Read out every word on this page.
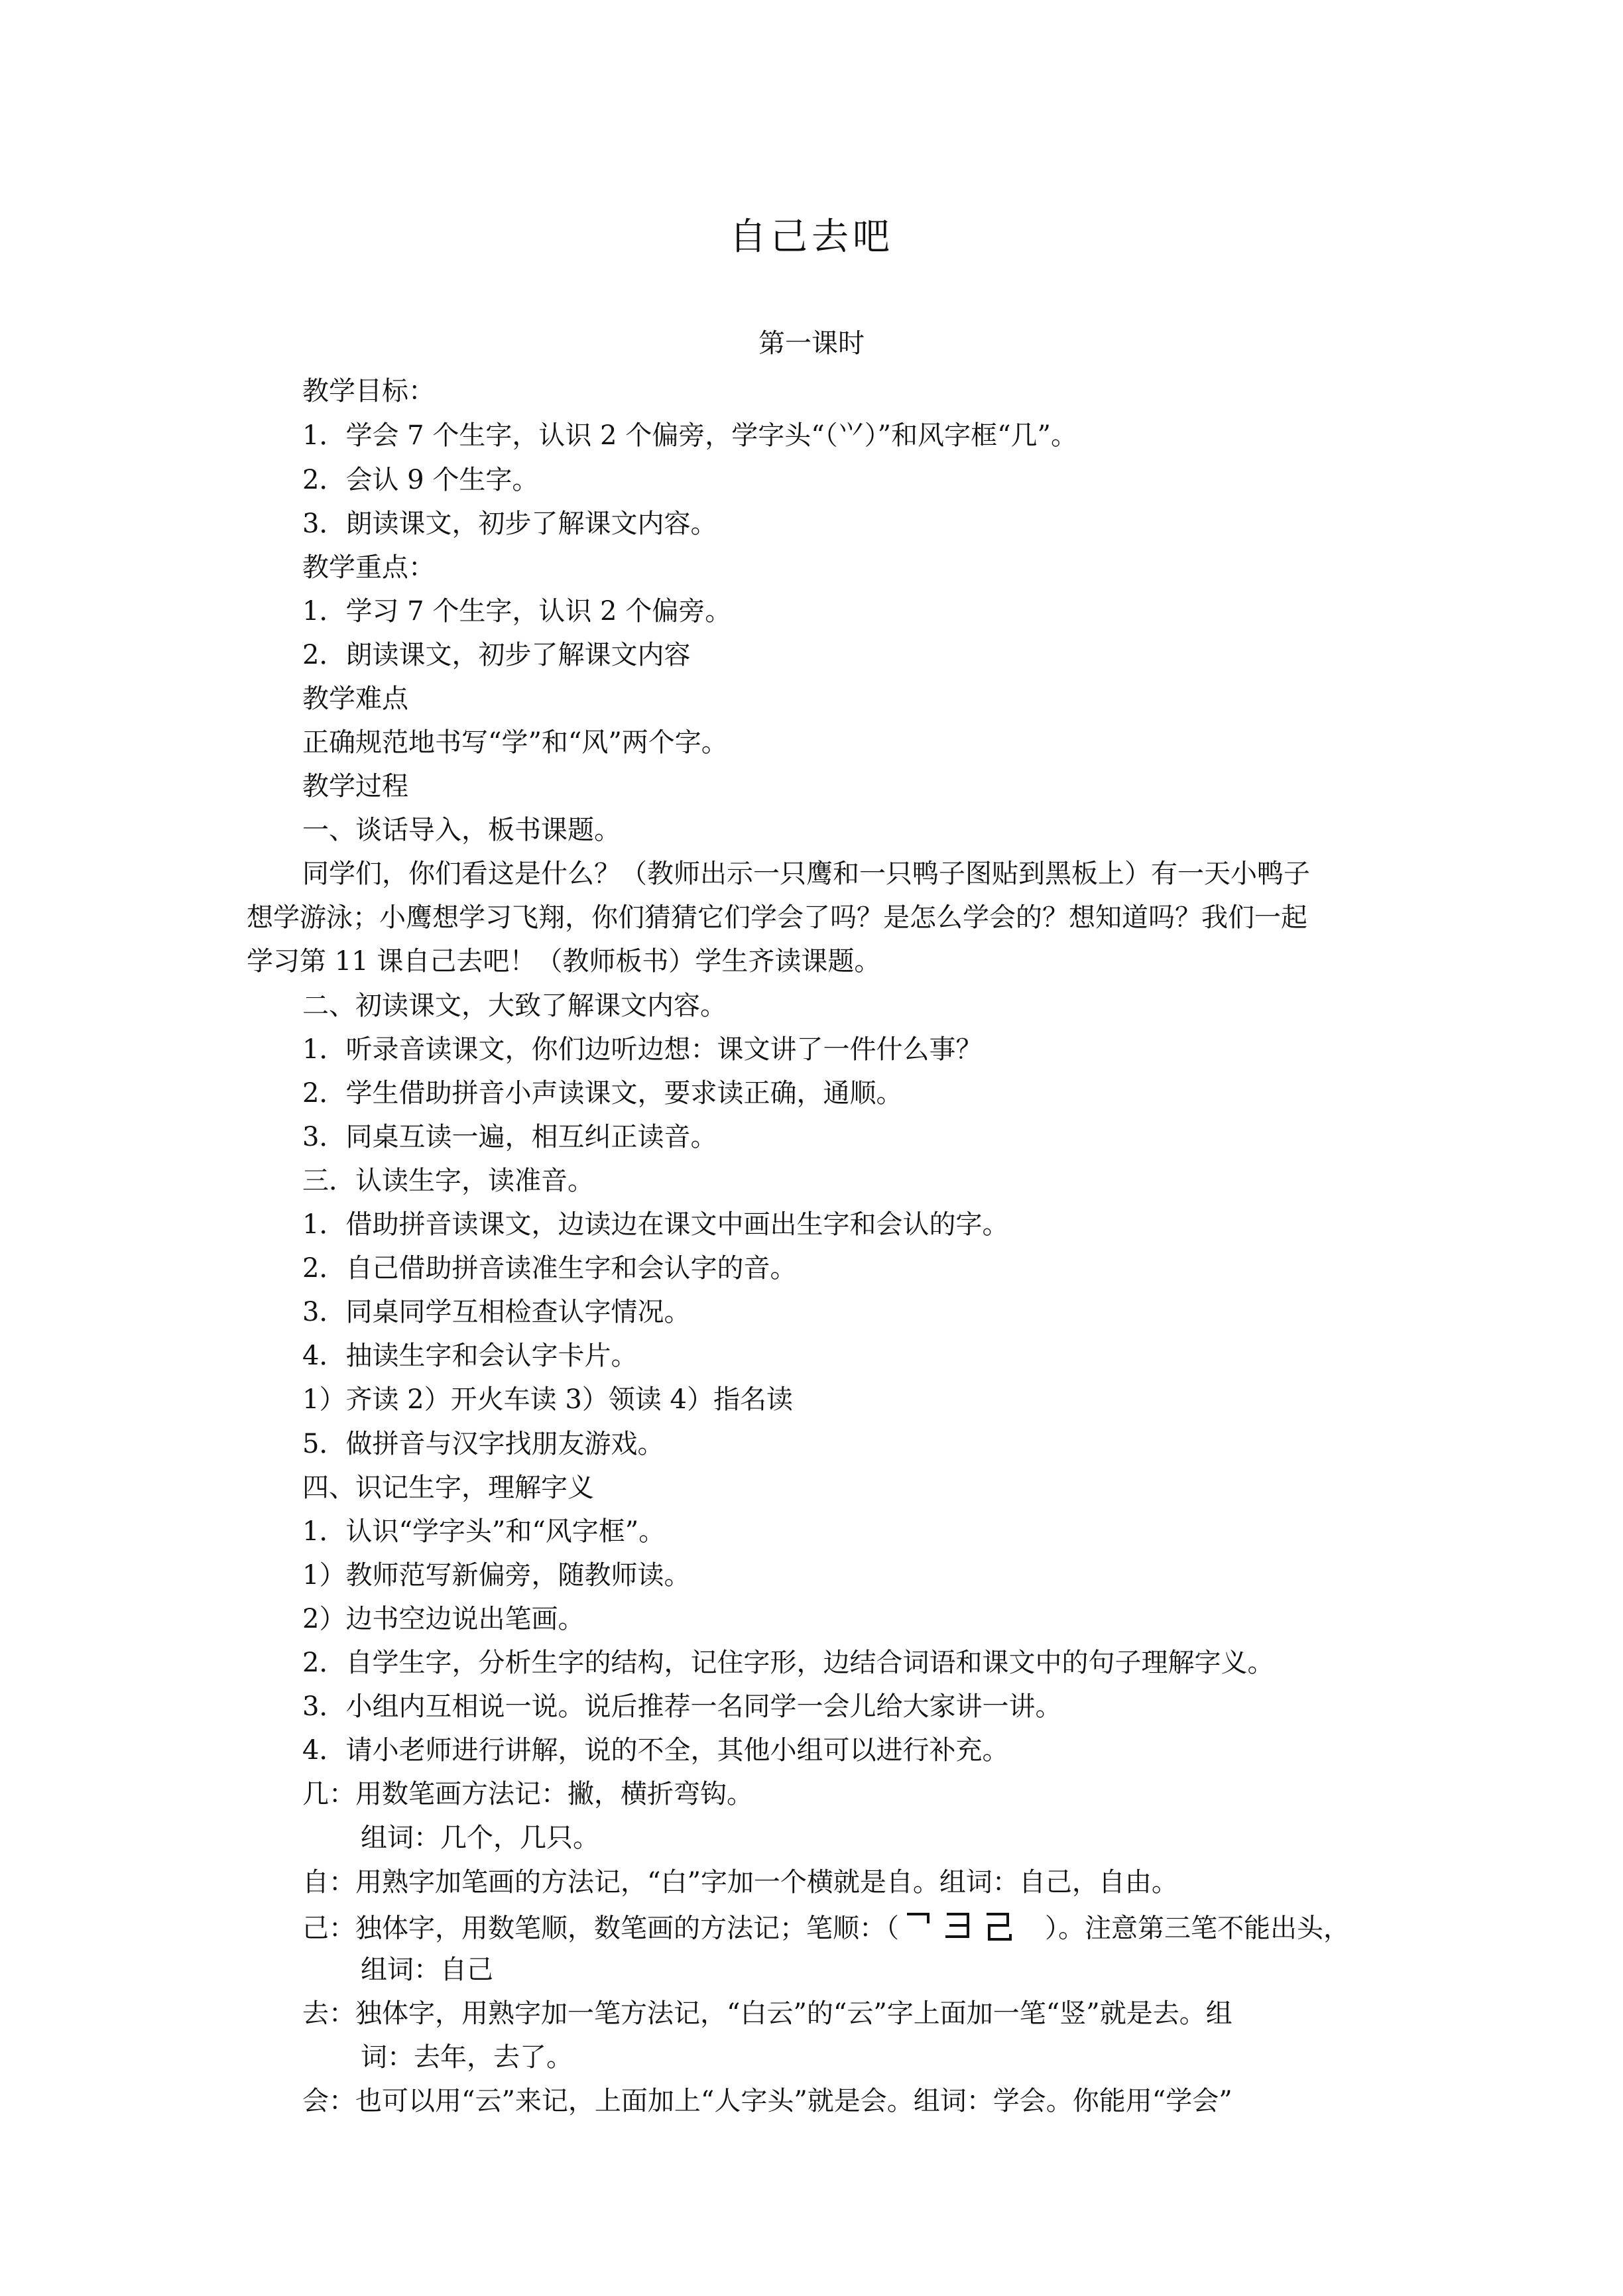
自己去吧
第一课时
教学目标：
1．学会 7 个生字，认识 2 个偏旁，学字头“（⺍）”和风字框“几”。
2．会认 9 个生字。
3．朗读课文，初步了解课文内容。
教学重点：
1．学习 7 个生字，认识 2 个偏旁。
2．朗读课文，初步了解课文内容
教学难点
正确规范地书写“学”和“风”两个字。
教学过程
一、谈话导入，板书课题。
同学们，你们看这是什么？（教师出示一只鹰和一只鸭子图贴到黑板上）有一天小鸭子
想学游泳；小鹰想学习飞翔，你们猜猜它们学会了吗？是怎么学会的？想知道吗？我们一起
学习第 11 课自己去吧！（教师板书）学生齐读课题。
二、初读课文，大致了解课文内容。
1．听录音读课文，你们边听边想：课文讲了一件什么事？
2．学生借助拼音小声读课文，要求读正确，通顺。
3．同桌互读一遍，相互纠正读音。
三．认读生字，读准音。
1．借助拼音读课文，边读边在课文中画出生字和会认的字。
2．自己借助拼音读准生字和会认字的音。
3．同桌同学互相检查认字情况。
4．抽读生字和会认字卡片。
1）齐读 2）开火车读 3）领读 4）指名读
5．做拼音与汉字找朋友游戏。
四、识记生字，理解字义
1．认识“学字头”和“风字框”。
1）教师范写新偏旁，随教师读。
2）边书空边说出笔画。
2．自学生字，分析生字的结构，记住字形，边结合词语和课文中的句子理解字义。
3．小组内互相说一说。说后推荐一名同学一会儿给大家讲一讲。
4．请小老师进行讲解，说的不全，其他小组可以进行补充。
几：用数笔画方法记：撇，横折弯钩。
组词：几个，几只。
自：用熟字加笔画的方法记，“白”字加一个横就是自。组词：自己，自由。
己：独体字，用数笔顺，数笔画的方法记；笔顺：（	）。注意第三笔不能出头，
组词：自己
去：独体字，用熟字加一笔方法记，“白云”的“云”字上面加一笔“竖”就是去。组
词：去年，去了。
会：也可以用“云”来记，上面加上“人字头”就是会。组词：学会。你能用“学会”
